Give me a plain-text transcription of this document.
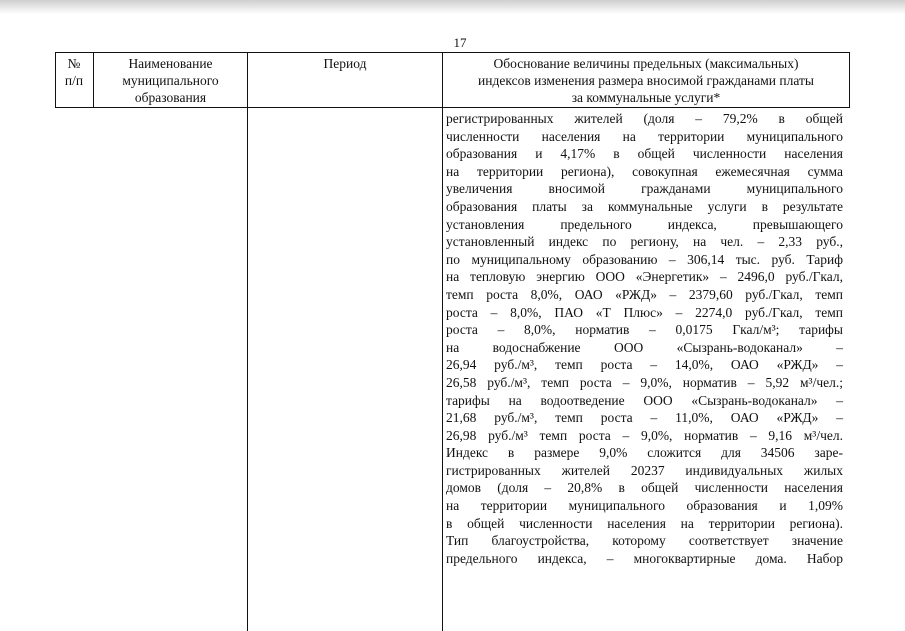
17
№
п/п
Наименование
муниципального
образования
Период	Обоснование величины предельных (максимальных)
индексов изменения размера вносимой гражданами платы
за коммунальные услуги*
регистрированных жителей (доля – 79,2% в общей
численности населения на территории муниципального
образования и 4,17% в общей численности населения
на территории региона), совокупная ежемесячная сумма
увеличения вносимой гражданами муниципального
образования платы за коммунальные услуги в результате
установления предельного индекса, превышающего
установленный индекс по региону, на чел. – 2,33 руб.,
по муниципальному образованию – 306,14 тыс. руб. Тариф
на тепловую энергию ООО «Энергетик» – 2496,0 руб./Гкал,
темп роста 8,0%, ОАО «РЖД» – 2379,60 руб./Гкал, темп
роста – 8,0%, ПАО «Т Плюс» – 2274,0 руб./Гкал, темп
роста – 8,0%, норматив – 0,0175 Гкал/м³; тарифы
на водоснабжение ООО «Сызрань-водоканал» –
26,94 руб./м³, темп роста – 14,0%, ОАО «РЖД» –
26,58 руб./м³, темп роста – 9,0%, норматив – 5,92 м³/чел.;
тарифы на водоотведение ООО «Сызрань-водоканал» –
21,68 руб./м³, темп роста – 11,0%, ОАО «РЖД» –
26,98 руб./м³ темп роста – 9,0%, норматив – 9,16 м³/чел.
Индекс в размере 9,0% сложится для 34506 заре-
гистрированных жителей 20237 индивидуальных жилых
домов (доля – 20,8% в общей численности населения
на территории муниципального образования и 1,09%
в общей численности населения на территории региона).
Тип благоустройства, которому соответствует значение
предельного индекса, – многоквартирные дома. Набор
